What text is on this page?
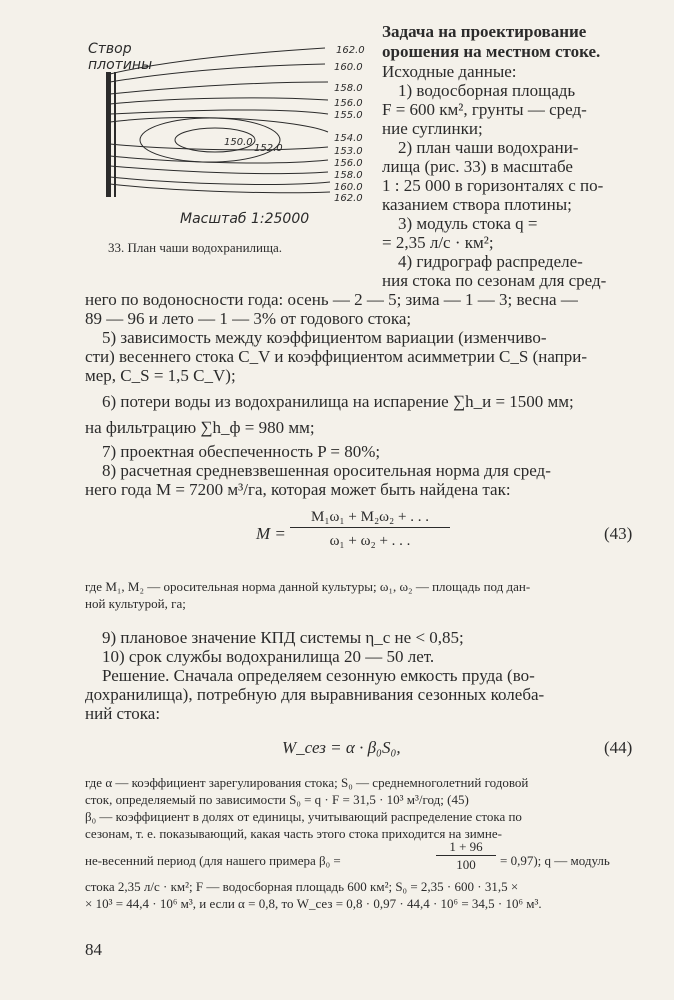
Створ
плотины
162.0
160.0
158.0
156.0
155.0
154.0
153.0
156.0
158.0
160.0
162.0
150.0
152.0
Масштаб 1:25000
33. План чаши водохранилища.
Задача на проектирование
орошения на местном стоке.
Исходные данные:
1) водосборная площадь
F = 600 км², грунты — сред-
ние суглинки;
2) план чаши водохрани-
лища (рис. 33) в масштабе
1 : 25 000 в горизонталях с по-
казанием створа плотины;
3) модуль стока q =
= 2,35 л/с · км²;
4) гидрограф распределе-
ния стока по сезонам для сред-
него по водоносности года: осень — 2 — 5; зима — 1 — 3; весна —
89 — 96 и лето — 1 — 3% от годового стока;
5) зависимость между коэффициентом вариации (изменчиво-
сти) весеннего стока C_V и коэффициентом асимметрии C_S (напри-
мер, C_S = 1,5 C_V);
6) потери воды из водохранилища на испарение ∑h_и = 1500 мм;
на фильтрацию ∑h_ф = 980 мм;
7) проектная обеспеченность P = 80%;
8) расчетная средневзвешенная оросительная норма для сред-
него года M = 7200 м³/га, которая может быть найдена так:
M =
M₁ω₁ + M₂ω₂ + . . .
ω₁ + ω₂ + . . .	(43)
где M₁, M₂ — оросительная норма данной культуры; ω₁, ω₂ — площадь под дан-
ной культурой, га;
9) плановое значение КПД системы η_с не < 0,85;
10) срок службы водохранилища 20 — 50 лет.
Решение. Сначала определяем сезонную емкость пруда (во-
дохранилища), потребную для выравнивания сезонных колеба-
ний стока:
W_сез = α · β₀S₀,	(44)
где α — коэффициент зарегулирования стока; S₀ — среднемноголетний годовой
сток, определяемый по зависимости S₀ = q · F = 31,5 · 10³ м³/год; (45)
β₀ — коэффициент в долях от единицы, учитывающий распределение стока по
сезонам, т. е. показывающий, какая часть этого стока приходится на зимне-
не-весенний период (для нашего примера β₀ =
1 + 96
100	= 0,97); q — модуль
стока 2,35 л/с · км²; F — водосборная площадь 600 км²; S₀ = 2,35 · 600 · 31,5 ×
× 10³ = 44,4 · 10⁶ м³, и если α = 0,8, то W_сез = 0,8 · 0,97 · 44,4 · 10⁶ = 34,5 · 10⁶ м³.
84
